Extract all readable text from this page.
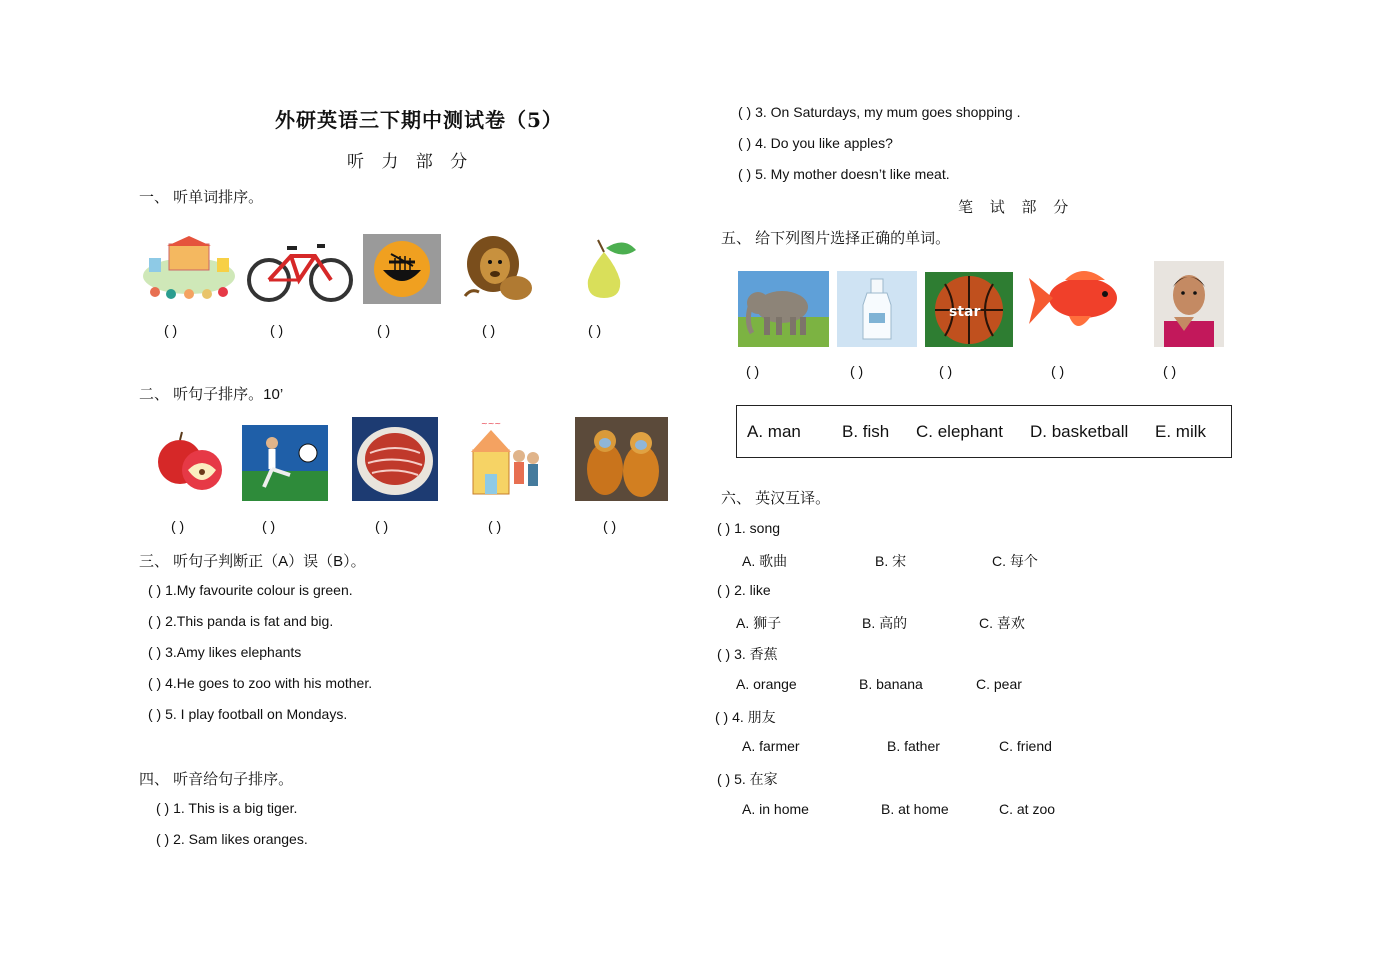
外研英语三下期中测试卷（5）
听 力 部 分
一、 听单词排序。
( )	( )	( )	( )	( )
二、 听句子排序。10’
~~~
( )	( )	( )	( )	( )
三、 听句子判断正（A）误（B）。
( ) 1.My favourite colour is green.
( ) 2.This panda is fat and big.
( ) 3.Amy likes elephants
( ) 4.He goes to zoo with his mother.
( ) 5. I play football on Mondays.
四、 听音给句子排序。
( ) 1. This is a big tiger.
( ) 2. Sam likes oranges.
( ) 3. On Saturdays, my mum goes shopping .
( ) 4. Do you like apples?
( ) 5. My mother doesn’t like meat.
笔 试 部 分
五、 给下列图片选择正确的单词。
star
( )	( )	( )	( )	( )
A. man B. fish C. elephant D. basketball E. milk
六、 英汉互译。
( ) 1. song
A. 歌曲	B. 宋	C. 每个
( ) 2. like
A. 狮子	B. 高的	C. 喜欢
( ) 3. 香蕉
A. orange	B. banana	C. pear
( ) 4. 朋友
A. farmer	B. father	C. friend
( ) 5. 在家
A. in home	B. at home	C. at zoo
